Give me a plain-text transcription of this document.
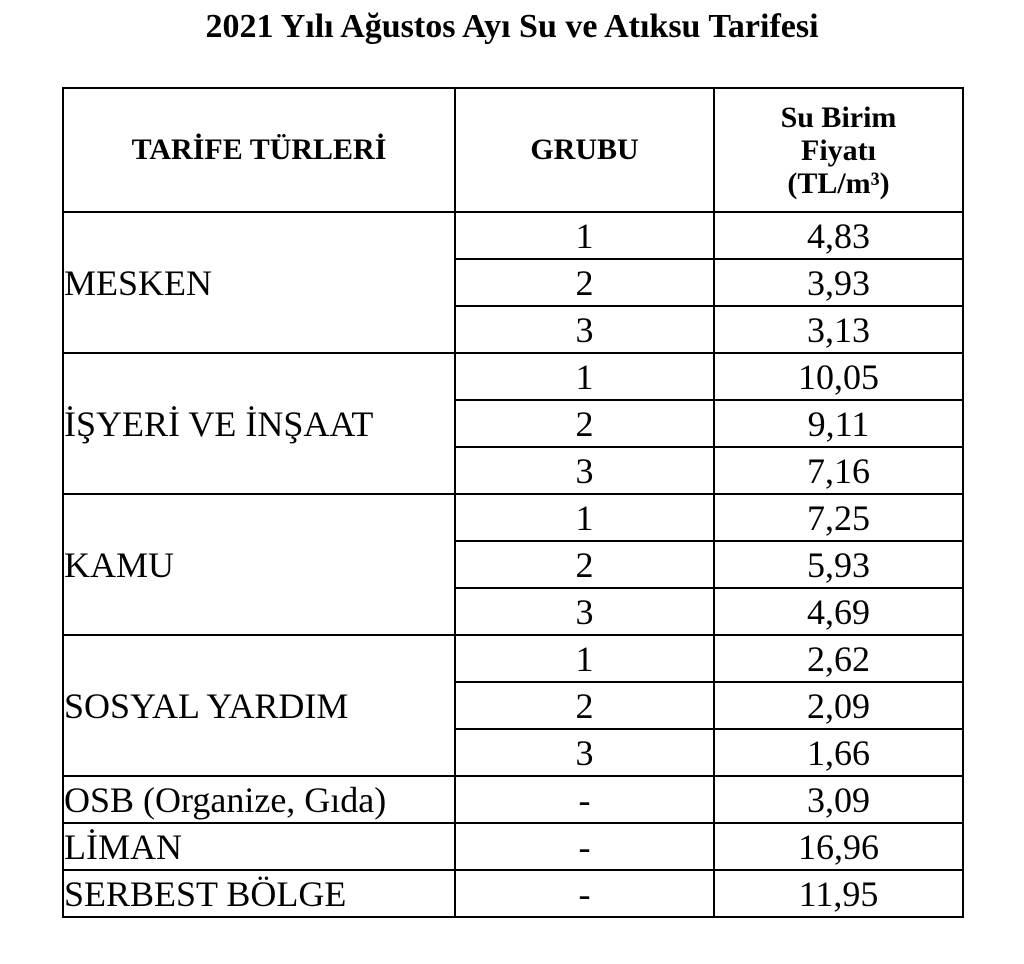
2021 Yılı Ağustos Ayı Su ve Atıksu Tarifesi
TARİFE TÜRLERİ	GRUBU	Su Birim
Fiyatı
(TL/m³)
MESKEN	1	4,83
	2	3,93
	3	3,13
İŞYERİ VE İNŞAAT	1	10,05
	2	9,11
	3	7,16
KAMU	1	7,25
	2	5,93
	3	4,69
SOSYAL YARDIM	1	2,62
	2	2,09
	3	1,66
OSB (Organize, Gıda)	-	3,09
LİMAN	-	16,96
SERBEST BÖLGE	-	11,95
